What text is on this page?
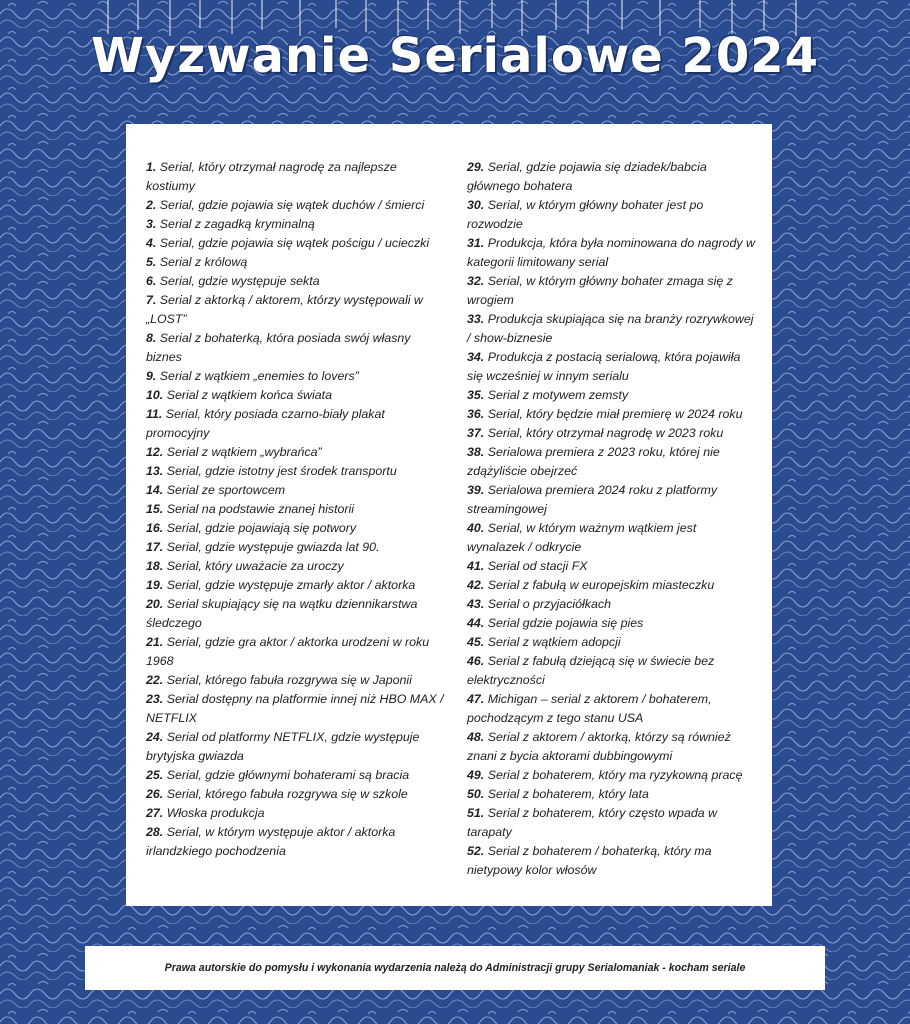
Wyzwanie Serialowe 2024

1. Serial, który otrzymał nagrodę za najlepsze kostiumy

2. Serial, gdzie pojawia się wątek duchów / śmierci

3. Serial z zagadką kryminalną

4. Serial, gdzie pojawia się wątek pościgu / ucieczki

5. Serial z królową

6. Serial, gdzie występuje sekta

7. Serial z aktorką / aktorem, którzy występowali w „LOST”

8. Serial z bohaterką, która posiada swój własny biznes

9. Serial z wątkiem „enemies to lovers”

10. Serial z wątkiem końca świata

11. Serial, który posiada czarno-biały plakat promocyjny

12. Serial z wątkiem „wybrańca”

13. Serial, gdzie istotny jest środek transportu

14. Serial ze sportowcem

15. Serial na podstawie znanej historii

16. Serial, gdzie pojawiają się potwory

17. Serial, gdzie występuje gwiazda lat 90.

18. Serial, który uważacie za uroczy

19. Serial, gdzie występuje zmarły aktor / aktorka

20. Serial skupiający się na wątku dziennikarstwa śledczego

21. Serial, gdzie gra aktor / aktorka urodzeni w roku 1968

22. Serial, którego fabuła rozgrywa się w Japonii

23. Serial dostępny na platformie innej niż HBO MAX / NETFLIX

24. Serial od platformy NETFLIX, gdzie występuje brytyjska gwiazda

25. Serial, gdzie głównymi bohaterami są bracia

26. Serial, którego fabuła rozgrywa się w szkole

27. Włoska produkcja

28. Serial, w którym występuje aktor / aktorka irlandzkiego pochodzenia

29. Serial, gdzie pojawia się dziadek/babcia głównego bohatera

30. Serial, w którym główny bohater jest po rozwodzie

31. Produkcja, która była nominowana do nagrody w kategorii limitowany serial

32. Serial, w którym główny bohater zmaga się z wrogiem

33. Produkcja skupiająca się na branży rozrywkowej / show-biznesie

34. Produkcja z postacią serialową, która pojawiła się wcześniej w innym serialu

35. Serial z motywem zemsty

36. Serial, który będzie miał premierę w 2024 roku

37. Serial, który otrzymał nagrodę w 2023 roku

38. Serialowa premiera z 2023 roku, której nie zdążyliście obejrzeć

39. Serialowa premiera 2024 roku z platformy streamingowej

40. Serial, w którym ważnym wątkiem jest wynalazek / odkrycie

41. Serial od stacji FX

42. Serial z fabułą w europejskim miasteczku

43. Serial o przyjaciółkach

44. Serial gdzie pojawia się pies

45. Serial z wątkiem adopcji

46. Serial z fabułą dziejącą się w świecie bez elektryczności

47. Michigan – serial z aktorem / bohaterem, pochodzącym z tego stanu USA

48. Serial z aktorem / aktorką, którzy są również znani z bycia aktorami dubbingowymi

49. Serial z bohaterem, który ma ryzykowną pracę

50. Serial z bohaterem, który lata

51. Serial z bohaterem, który często wpada w tarapaty

52. Serial z bohaterem / bohaterką, który ma nietypowy kolor włosów

Prawa autorskie do pomysłu i wykonania wydarzenia należą do Administracji grupy Serialomaniak - kocham seriale
